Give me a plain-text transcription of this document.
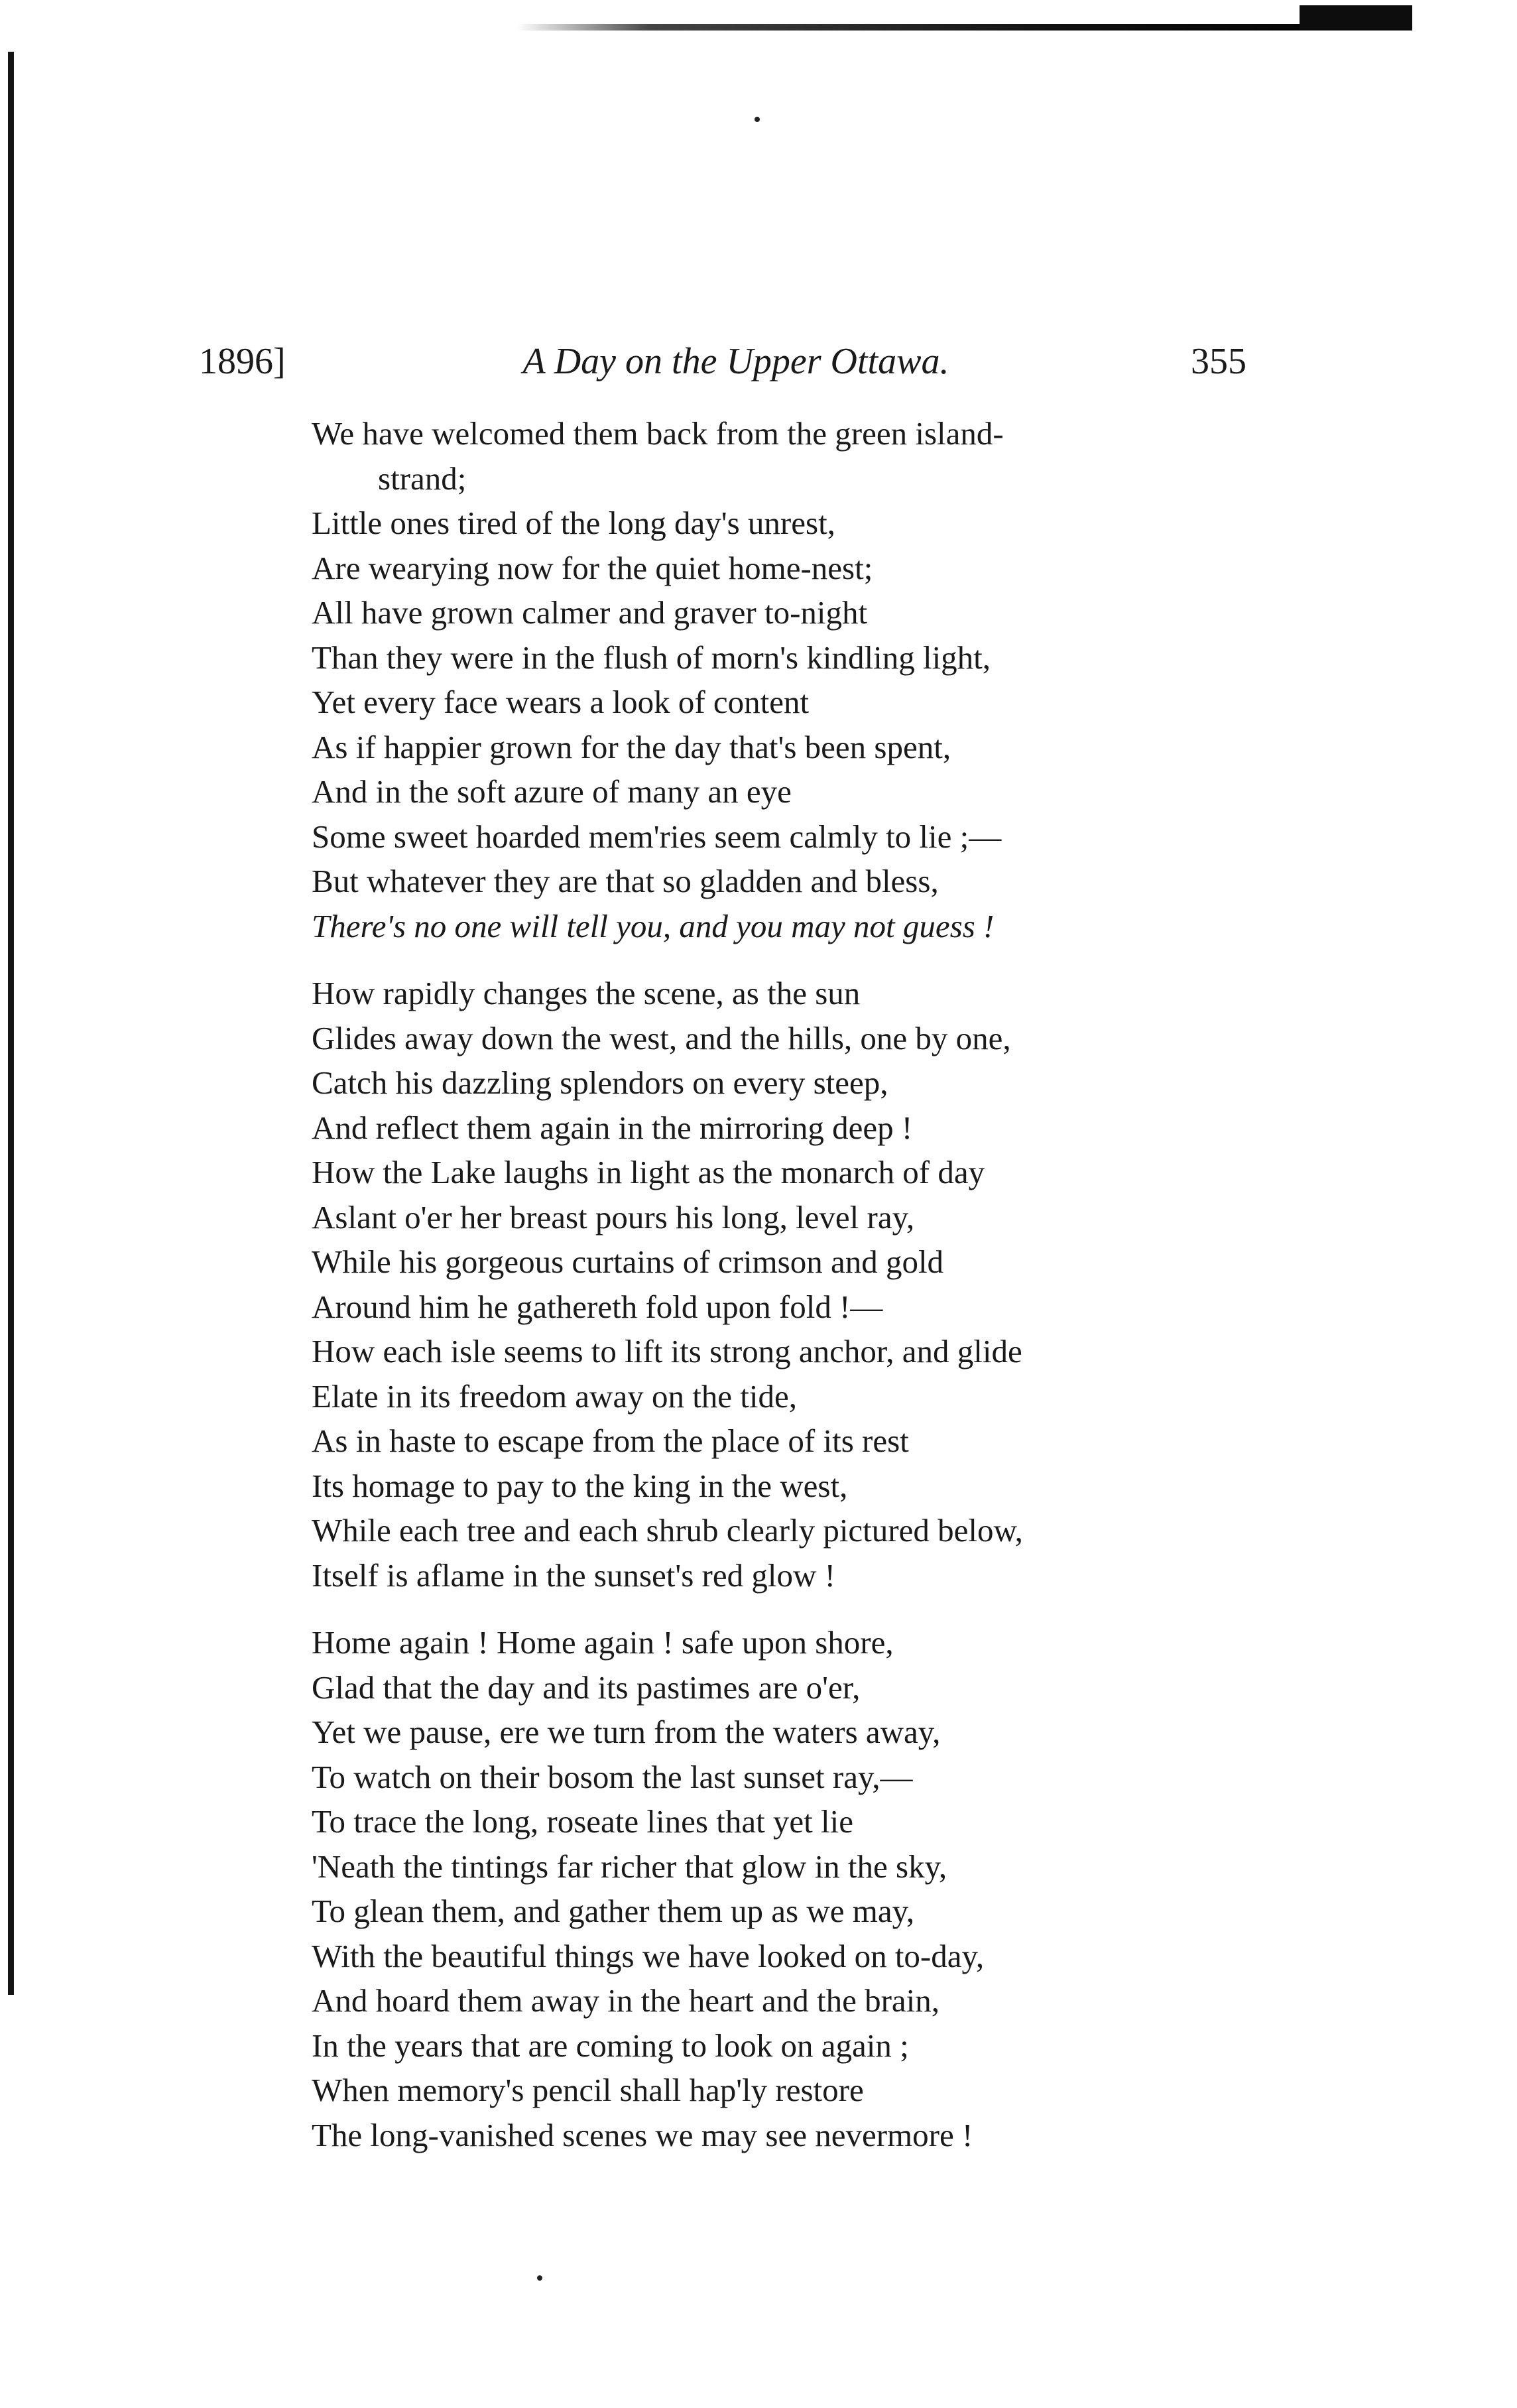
1896]	A Day on the Upper Ottawa.	355
We have welcomed them back from the green island-
strand;
Little ones tired of the long day's unrest,
Are wearying now for the quiet home-nest;
All have grown calmer and graver to-night
Than they were in the flush of morn's kindling light,
Yet every face wears a look of content
As if happier grown for the day that's been spent,
And in the soft azure of many an eye
Some sweet hoarded mem'ries seem calmly to lie ;—
But whatever they are that so gladden and bless,
There's no one will tell you, and you may not guess !
How rapidly changes the scene, as the sun
Glides away down the west, and the hills, one by one,
Catch his dazzling splendors on every steep,
And reflect them again in the mirroring deep !
How the Lake laughs in light as the monarch of day
Aslant o'er her breast pours his long, level ray,
While his gorgeous curtains of crimson and gold
Around him he gathereth fold upon fold !—
How each isle seems to lift its strong anchor, and glide
Elate in its freedom away on the tide,
As in haste to escape from the place of its rest
Its homage to pay to the king in the west,
While each tree and each shrub clearly pictured below,
Itself is aflame in the sunset's red glow !
Home again ! Home again ! safe upon shore,
Glad that the day and its pastimes are o'er,
Yet we pause, ere we turn from the waters away,
To watch on their bosom the last sunset ray,—
To trace the long, roseate lines that yet lie
'Neath the tintings far richer that glow in the sky,
To glean them, and gather them up as we may,
With the beautiful things we have looked on to-day,
And hoard them away in the heart and the brain,
In the years that are coming to look on again ;
When memory's pencil shall hap'ly restore
The long-vanished scenes we may see nevermore !
